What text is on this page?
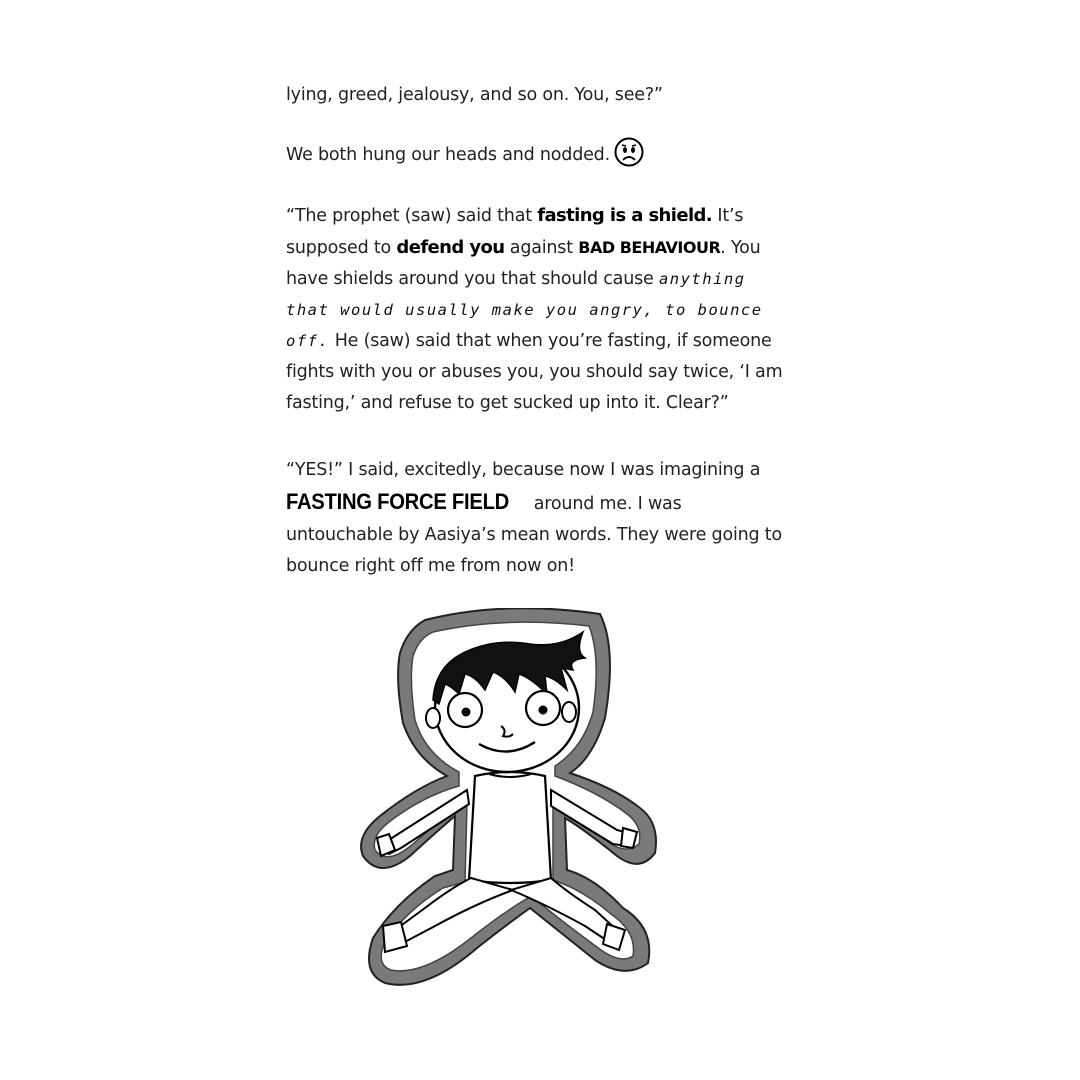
lying, greed, jealousy, and so on. You, see?”

We both hung our heads and nodded.

“The prophet (saw) said that fasting is a shield. It’s supposed to defend you against BAD BEHAVIOUR. You have shields around you that should cause anything that would usually make you angry, to bounce off. He (saw) said that when you’re fasting, if someone fights with you or abuses you, you should say twice, ‘I am fasting,’ and refuse to get sucked up into it. Clear?”

“YES!” I said, excitedly, because now I was imagining a FASTING FORCE FIELD around me. I was untouchable by Aasiya’s mean words. They were going to bounce right off me from now on!
